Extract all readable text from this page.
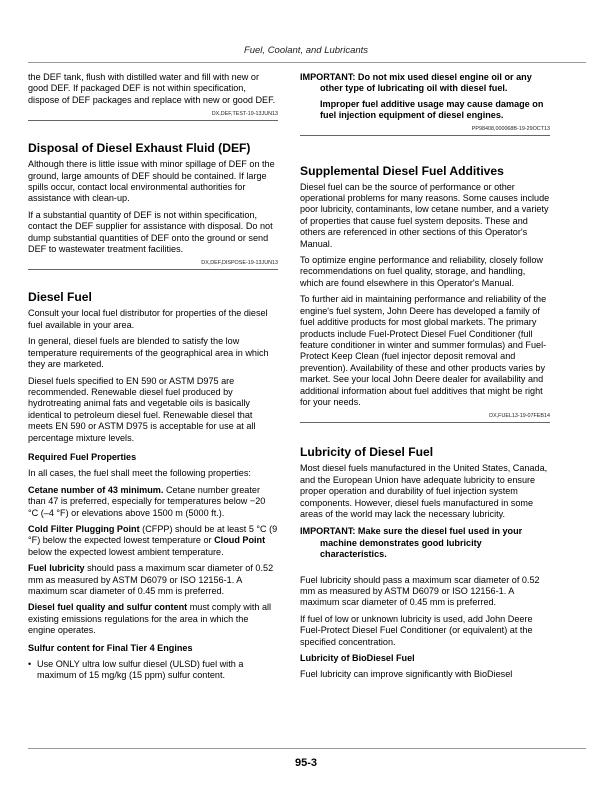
Fuel, Coolant, and Lubricants

the DEF tank, flush with distilled water and fill with new or good DEF. If packaged DEF is not within specification, dispose of DEF packages and replace with new or good DEF.

DX,DEF,TEST-19-13JUN13
Disposal of Diesel Exhaust Fluid (DEF)

Although there is little issue with minor spillage of DEF on the ground, large amounts of DEF should be contained. If large spills occur, contact local environmental authorities for assistance with clean-up.

If a substantial quantity of DEF is not within specification, contact the DEF supplier for assistance with disposal. Do not dump substantial quantities of DEF onto the ground or send DEF to wastewater treatment facilities.

DX,DEF,DISPOSE-19-13JUN13
Diesel Fuel

Consult your local fuel distributor for properties of the diesel fuel available in your area.

In general, diesel fuels are blended to satisfy the low temperature requirements of the geographical area in which they are marketed.

Diesel fuels specified to EN 590 or ASTM D975 are recommended. Renewable diesel fuel produced by hydrotreating animal fats and vegetable oils is basically identical to petroleum diesel fuel. Renewable diesel that meets EN 590 or ASTM D975 is acceptable for use at all percentage mixture levels.

Required Fuel Properties

In all cases, the fuel shall meet the following properties:

Cetane number of 43 minimum. Cetane number greater than 47 is preferred, especially for temperatures below −20 °C (–4 °F) or elevations above 1500 m (5000 ft.).

Cold Filter Plugging Point (CFPP) should be at least 5 °C (9 °F) below the expected lowest temperature or Cloud Point below the expected lowest ambient temperature.

Fuel lubricity should pass a maximum scar diameter of 0.52 mm as measured by ASTM D6079 or ISO 12156-1. A maximum scar diameter of 0.45 mm is preferred.

Diesel fuel quality and sulfur content must comply with all existing emissions regulations for the area in which the engine operates.

Sulfur content for Final Tier 4 Engines
• Use ONLY ultra low sulfur diesel (ULSD) fuel with a maximum of 15 mg/kg (15 ppm) sulfur content.
IMPORTANT: Do not mix used diesel engine oil or any other type of lubricating oil with diesel fuel.
Improper fuel additive usage may cause damage on fuel injection equipment of diesel engines.
PP98408,000068B-19-29OCT13
Supplemental Diesel Fuel Additives

Diesel fuel can be the source of performance or other operational problems for many reasons. Some causes include poor lubricity, contaminants, low cetane number, and a variety of properties that cause fuel system deposits. These and others are referenced in other sections of this Operator's Manual.

To optimize engine performance and reliability, closely follow recommendations on fuel quality, storage, and handling, which are found elsewhere in this Operator's Manual.

To further aid in maintaining performance and reliability of the engine's fuel system, John Deere has developed a family of fuel additive products for most global markets. The primary products include Fuel-Protect Diesel Fuel Conditioner (full feature conditioner in winter and summer formulas) and Fuel-Protect Keep Clean (fuel injector deposit removal and prevention). Availability of these and other products varies by market. See your local John Deere dealer for availability and additional information about fuel additives that might be right for your needs.

DX,FUEL13-19-07FEB14
Lubricity of Diesel Fuel

Most diesel fuels manufactured in the United States, Canada, and the European Union have adequate lubricity to ensure proper operation and durability of fuel injection system components. However, diesel fuels manufactured in some areas of the world may lack the necessary lubricity.

IMPORTANT: Make sure the diesel fuel used in your machine demonstrates good lubricity characteristics.

Fuel lubricity should pass a maximum scar diameter of 0.52 mm as measured by ASTM D6079 or ISO 12156-1. A maximum scar diameter of 0.45 mm is preferred.

If fuel of low or unknown lubricity is used, add John Deere Fuel-Protect Diesel Fuel Conditioner (or equivalent) at the specified concentration.

Lubricity of BioDiesel Fuel

Fuel lubricity can improve significantly with BioDiesel

95-3
